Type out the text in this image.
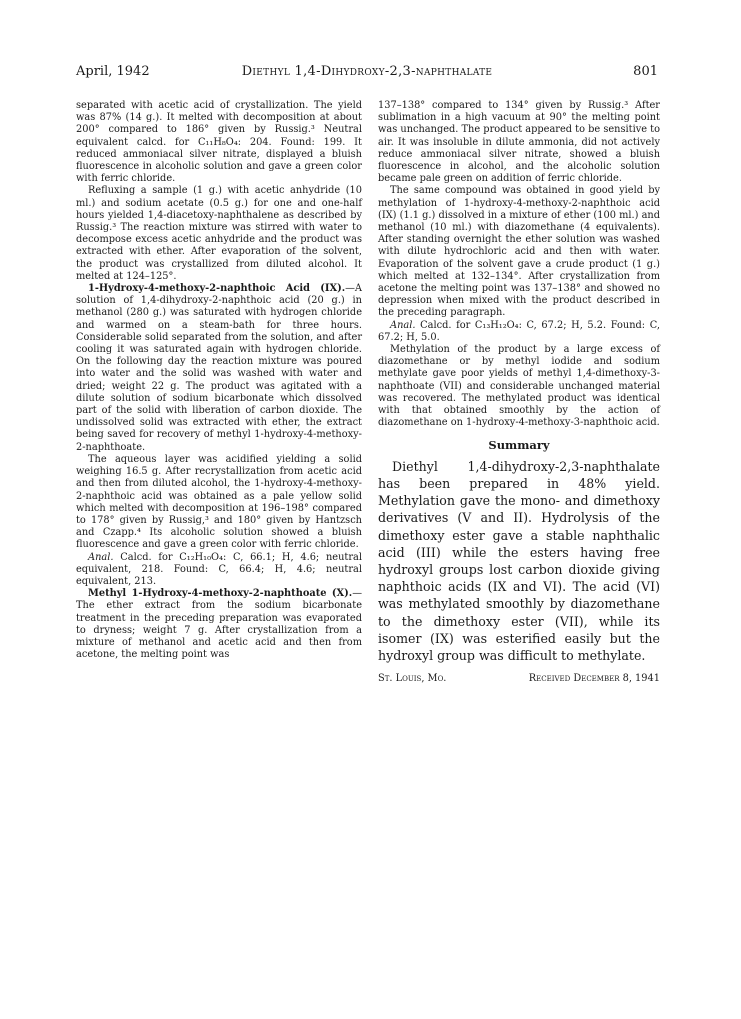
April, 1942	Diethyl 1,4-Dihydroxy-2,3-naphthalate	801

separated with acetic acid of crystallization. The yield was 87% (14 g.). It melted with decomposition at about 200° compared to 186° given by Russig.³ Neutral equivalent calcd. for C₁₁H₈O₄: 204. Found: 199. It reduced ammoniacal silver nitrate, displayed a bluish fluorescence in alcoholic solution and gave a green color with ferric chloride.

Refluxing a sample (1 g.) with acetic anhydride (10 ml.) and sodium acetate (0.5 g.) for one and one-half hours yielded 1,4-diacetoxy-naphthalene as described by Russig.³ The reaction mixture was stirred with water to decompose excess acetic anhydride and the product was extracted with ether. After evaporation of the solvent, the product was crystallized from diluted alcohol. It melted at 124–125°.

1-Hydroxy-4-methoxy-2-naphthoic Acid (IX).—A solution of 1,4-dihydroxy-2-naphthoic acid (20 g.) in methanol (280 g.) was saturated with hydrogen chloride and warmed on a steam-bath for three hours. Considerable solid separated from the solution, and after cooling it was saturated again with hydrogen chloride. On the following day the reaction mixture was poured into water and the solid was washed with water and dried; weight 22 g. The product was agitated with a dilute solution of sodium bicarbonate which dissolved part of the solid with liberation of carbon dioxide. The undissolved solid was extracted with ether, the extract being saved for recovery of methyl 1-hydroxy-4-methoxy-2-naphthoate.

The aqueous layer was acidified yielding a solid weighing 16.5 g. After recrystallization from acetic acid and then from diluted alcohol, the 1-hydroxy-4-methoxy-2-naphthoic acid was obtained as a pale yellow solid which melted with decomposition at 196–198° compared to 178° given by Russig,³ and 180° given by Hantzsch and Czapp.⁴ Its alcoholic solution showed a bluish fluorescence and gave a green color with ferric chloride.

Anal. Calcd. for C₁₂H₁₀O₄: C, 66.1; H, 4.6; neutral equivalent, 218. Found: C, 66.4; H, 4.6; neutral equivalent, 213.

Methyl 1-Hydroxy-4-methoxy-2-naphthoate (X).—The ether extract from the sodium bicarbonate treatment in the preceding preparation was evaporated to dryness; weight 7 g. After crystallization from a mixture of methanol and acetic acid and then from acetone, the melting point was

137–138° compared to 134° given by Russig.³ After sublimation in a high vacuum at 90° the melting point was unchanged. The product appeared to be sensitive to air. It was insoluble in dilute ammonia, did not actively reduce ammoniacal silver nitrate, showed a bluish fluorescence in alcohol, and the alcoholic solution became pale green on addition of ferric chloride.

The same compound was obtained in good yield by methylation of 1-hydroxy-4-methoxy-2-naphthoic acid (IX) (1.1 g.) dissolved in a mixture of ether (100 ml.) and methanol (10 ml.) with diazomethane (4 equivalents). After standing overnight the ether solution was washed with dilute hydrochloric acid and then with water. Evaporation of the solvent gave a crude product (1 g.) which melted at 132–134°. After crystallization from acetone the melting point was 137–138° and showed no depression when mixed with the product described in the preceding paragraph.

Anal. Calcd. for C₁₃H₁₂O₄: C, 67.2; H, 5.2. Found: C, 67.2; H, 5.0.

Methylation of the product by a large excess of diazomethane or by methyl iodide and sodium methylate gave poor yields of methyl 1,4-dimethoxy-3-naphthoate (VII) and considerable unchanged material was recovered. The methylated product was identical with that obtained smoothly by the action of diazomethane on 1-hydroxy-4-methoxy-3-naphthoic acid.

Summary

Diethyl 1,4-dihydroxy-2,3-naphthalate has been prepared in 48% yield. Methylation gave the mono- and dimethoxy derivatives (V and II). Hydrolysis of the dimethoxy ester gave a stable naphthalic acid (III) while the esters having free hydroxyl groups lost carbon dioxide giving naphthoic acids (IX and VI). The acid (VI) was methylated smoothly by diazomethane to the dimethoxy ester (VII), while its isomer (IX) was esterified easily but the hydroxyl group was difficult to methylate.

St. Louis, Mo.	Received December 8, 1941
